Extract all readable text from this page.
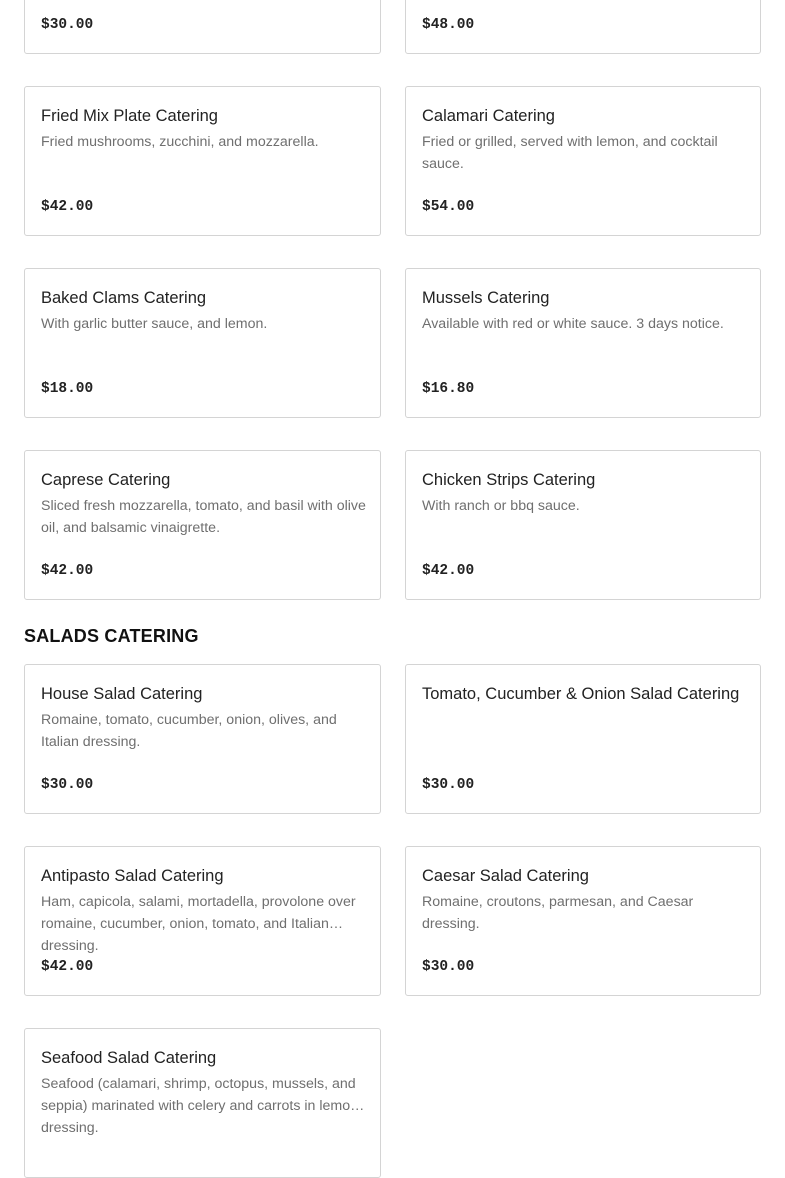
$30.00	$48.00
Fried Mix Plate Catering
Fried mushrooms, zucchini, and mozzarella.
$42.00
Calamari Catering
Fried or grilled, served with lemon, and cocktail sauce.
$54.00
Baked Clams Catering
With garlic butter sauce, and lemon.
$18.00
Mussels Catering
Available with red or white sauce. 3 days notice.
$16.80
Caprese Catering
Sliced fresh mozzarella, tomato, and basil with olive oil, and balsamic vinaigrette.
$42.00
Chicken Strips Catering
With ranch or bbq sauce.
$42.00
SALADS CATERING
House Salad Catering
Romaine, tomato, cucumber, onion, olives, and Italian dressing.
$30.00
Tomato, Cucumber & Onion Salad Catering
$30.00
Antipasto Salad Catering
Ham, capicola, salami, mortadella, provolone over romaine, cucumber, onion, tomato, and Italian dressing.
$42.00
Caesar Salad Catering
Romaine, croutons, parmesan, and Caesar dressing.
$30.00
Seafood Salad Catering
Seafood (calamari, shrimp, octopus, mussels, and seppia) marinated with celery and carrots in lemon dressing.
